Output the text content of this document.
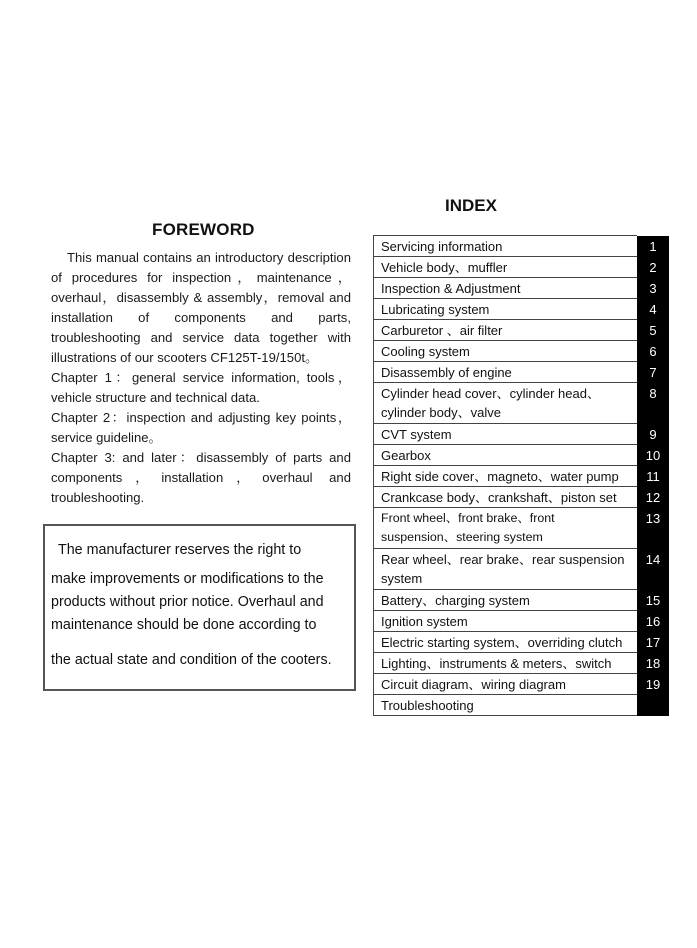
FOREWORD

This manual contains an introductory description of procedures for inspection，maintenance，overhaul，disassembly & assembly，removal and installation of components and parts, troubleshooting and service data together with illustrations of our scooters CF125T-19/150t。

Chapter 1：general service information, tools，vehicle structure and technical data.

Chapter 2：inspection and adjusting key points，service guideline。

Chapter 3: and later：disassembly of parts and components，installation，overhaul and troubleshooting.

The manufacturer reserves the right to
make improvements or modifications to the
products without prior notice. Overhaul and
maintenance should be done according to
the actual state and condition of the cooters.
INDEX
Servicing information	1
Vehicle body、muffler	2
Inspection & Adjustment	3
Lubricating system	4
Carburetor 、air filter	5
Cooling system	6
Disassembly of engine	7
Cylinder head cover、cylinder head、cylinder body、valve	8
CVT system	9
Gearbox	10
Right side cover、magneto、water pump	11
Crankcase body、crankshaft、piston set	12
Front wheel、front brake、front suspension、steering system	13
Rear wheel、rear brake、rear suspension system	14
Battery、charging system	15
Ignition system	16
Electric starting system、overriding clutch	17
Lighting、instruments & meters、switch	18
Circuit diagram、wiring diagram	19
Troubleshooting	
